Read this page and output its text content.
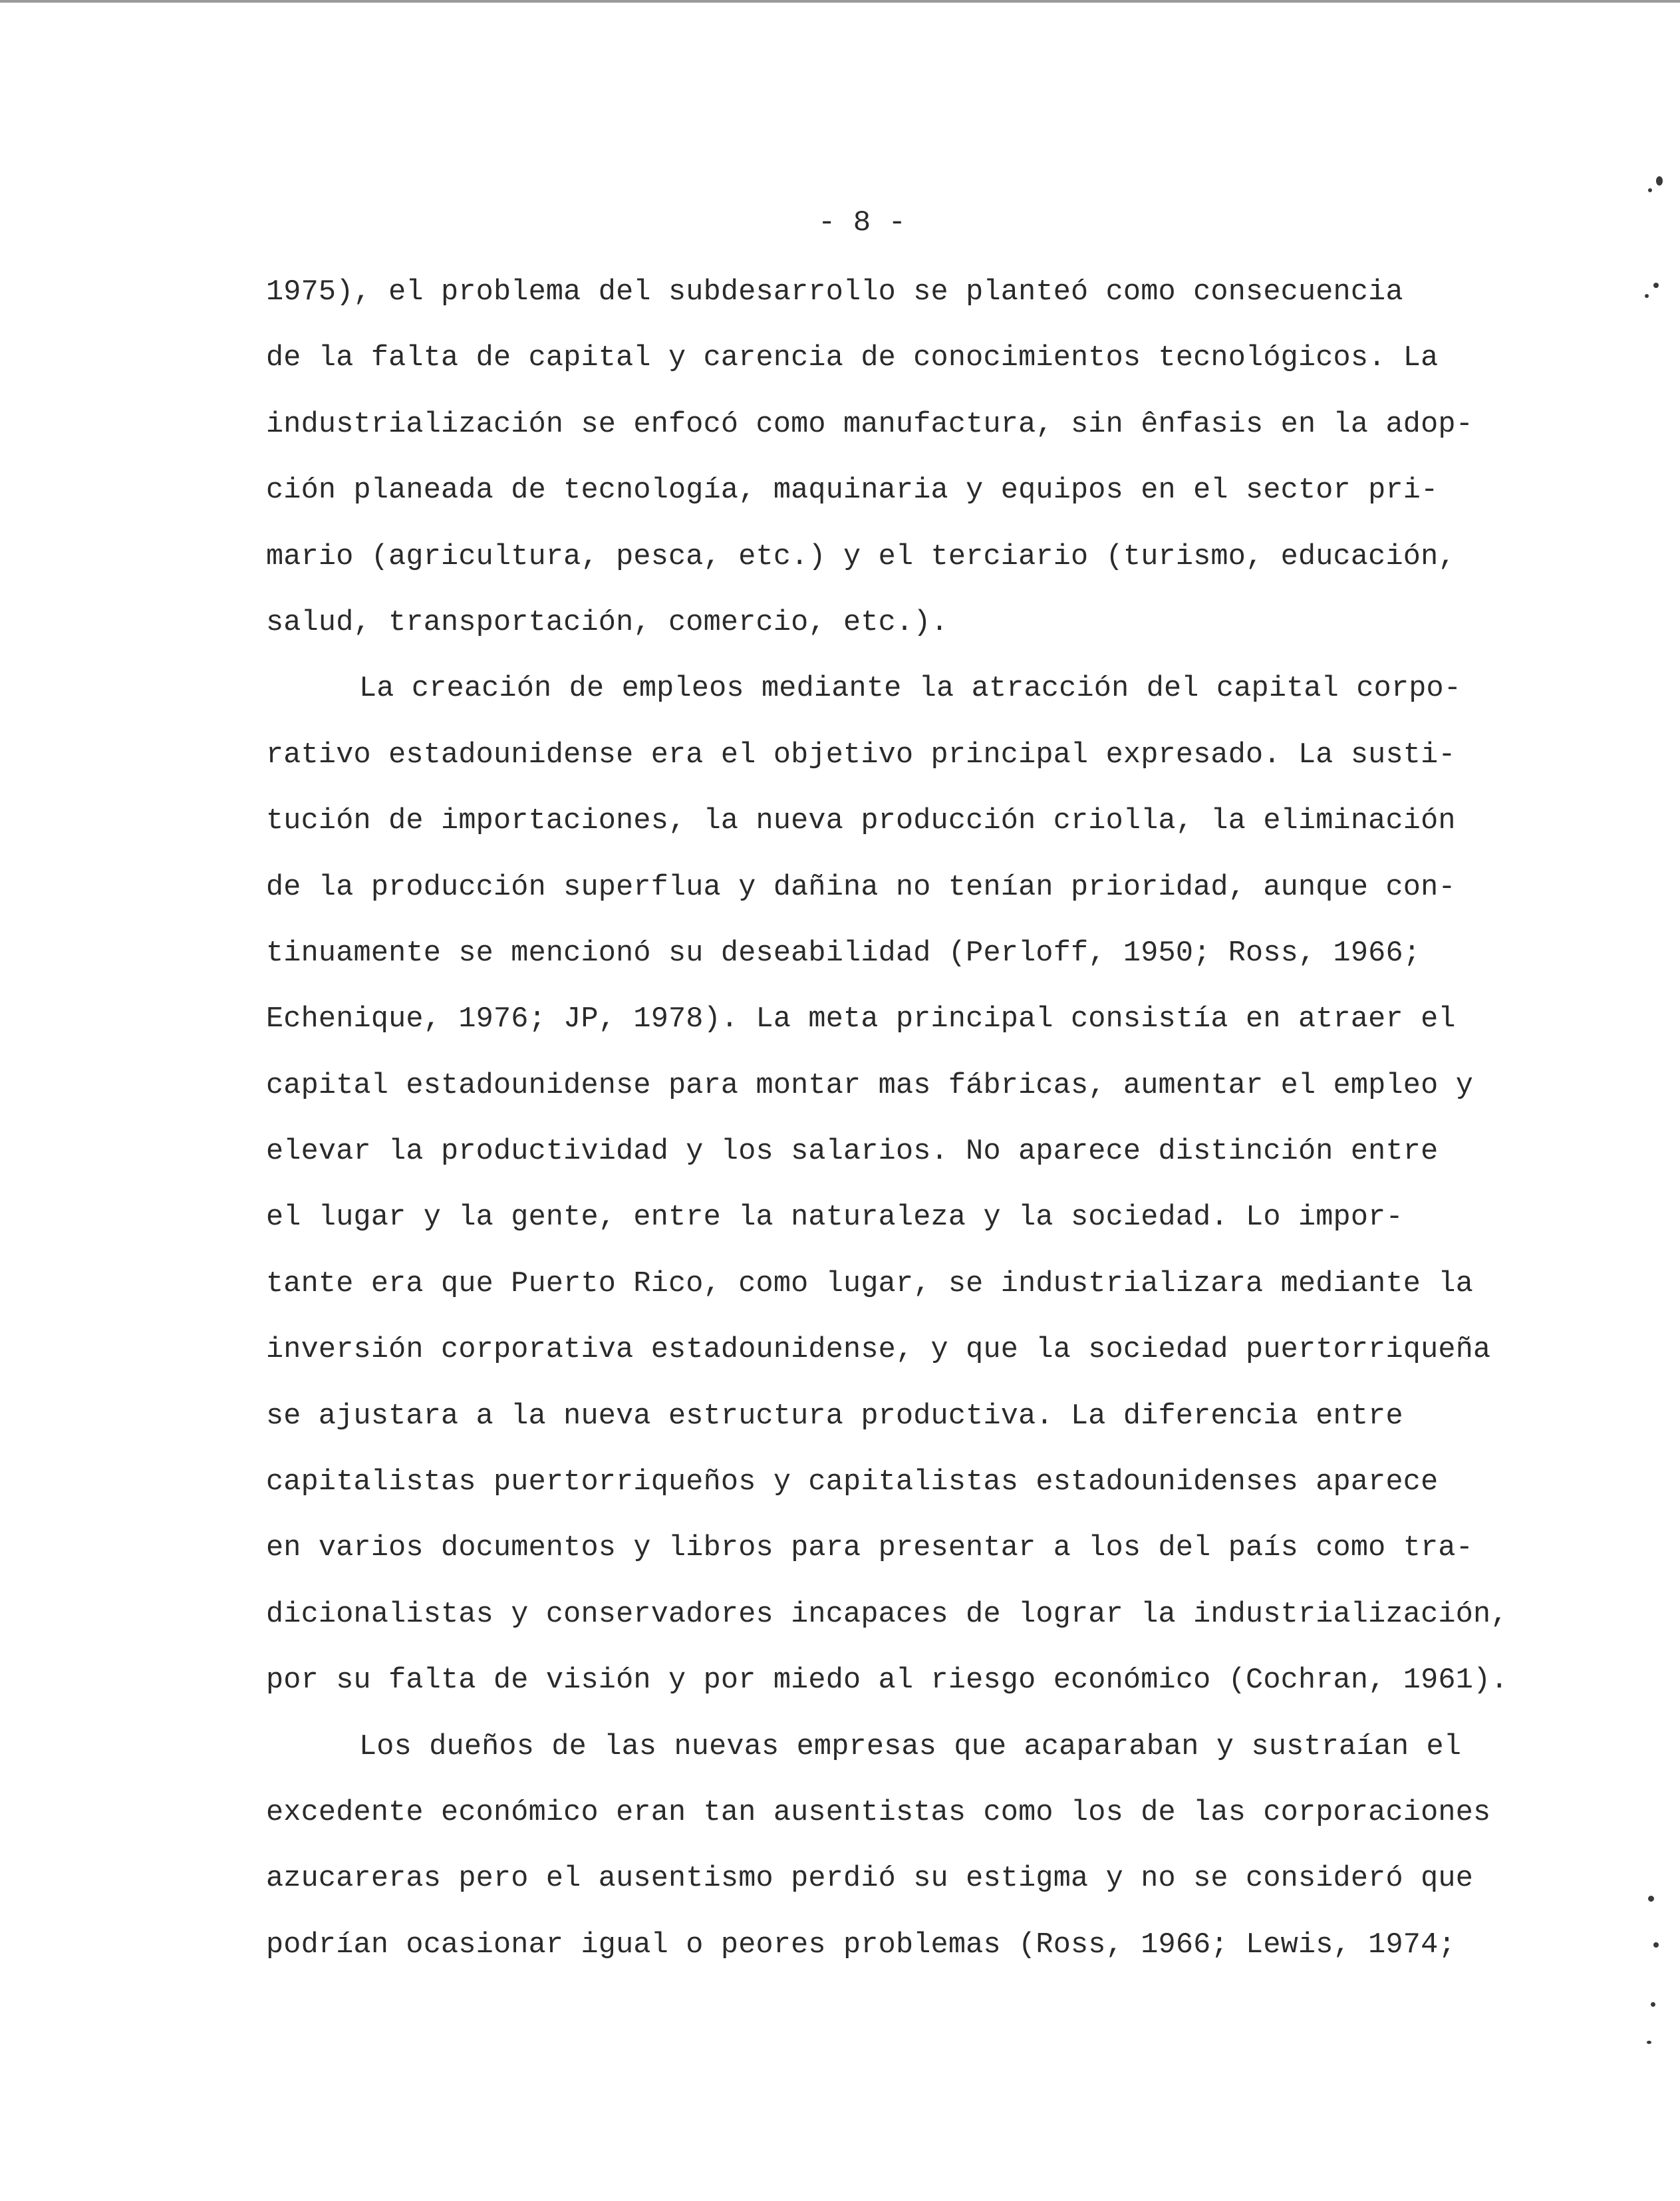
- 8 -
1975), el problema del subdesarrollo se planteó como consecuencia
de la falta de capital y carencia de conocimientos tecnológicos. La
industrialización se enfocó como manufactura, sin ênfasis en la adop-
ción planeada de tecnología, maquinaria y equipos en el sector pri-
mario (agricultura, pesca, etc.) y el terciario (turismo, educación,
salud, transportación, comercio, etc.).
La creación de empleos mediante la atracción del capital corpo-
rativo estadounidense era el objetivo principal expresado. La susti-
tución de importaciones, la nueva producción criolla, la eliminación
de la producción superflua y dañina no tenían prioridad, aunque con-
tinuamente se mencionó su deseabilidad (Perloff, 1950; Ross, 1966;
Echenique, 1976; JP, 1978). La meta principal consistía en atraer el
capital estadounidense para montar mas fábricas, aumentar el empleo y
elevar la productividad y los salarios. No aparece distinción entre
el lugar y la gente, entre la naturaleza y la sociedad. Lo impor-
tante era que Puerto Rico, como lugar, se industrializara mediante la
inversión corporativa estadounidense, y que la sociedad puertorriqueña
se ajustara a la nueva estructura productiva. La diferencia entre
capitalistas puertorriqueños y capitalistas estadounidenses aparece
en varios documentos y libros para presentar a los del país como tra-
dicionalistas y conservadores incapaces de lograr la industrialización,
por su falta de visión y por miedo al riesgo económico (Cochran, 1961).
Los dueños de las nuevas empresas que acaparaban y sustraían el
excedente económico eran tan ausentistas como los de las corporaciones
azucareras pero el ausentismo perdió su estigma y no se consideró que
podrían ocasionar igual o peores problemas (Ross, 1966; Lewis, 1974;
